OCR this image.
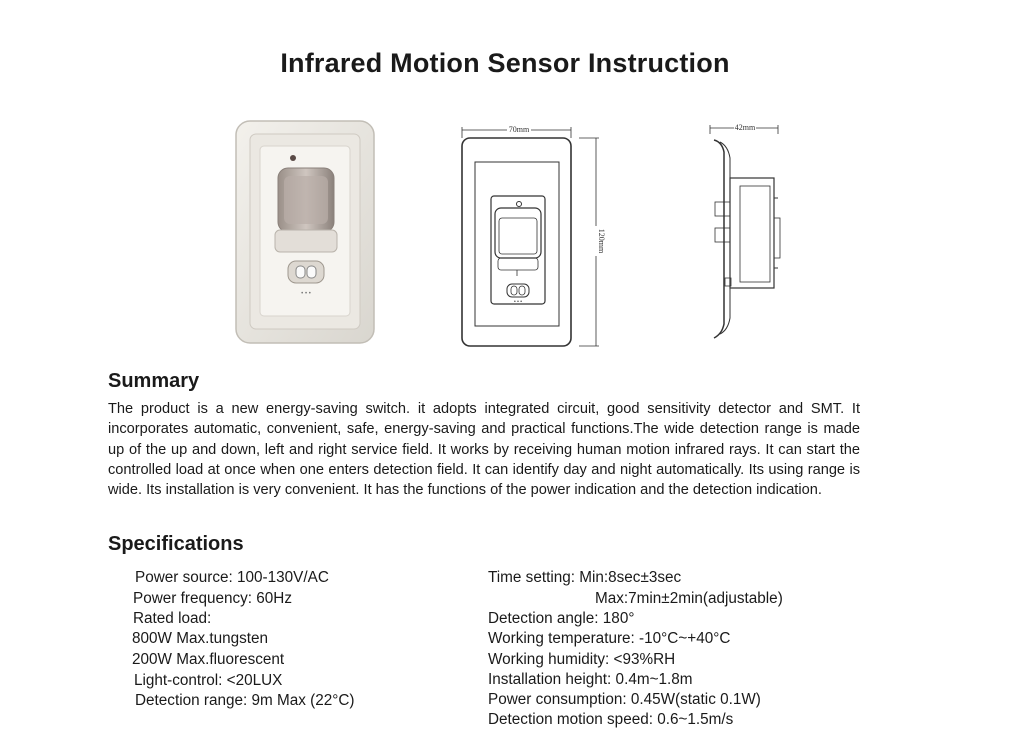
Infrared Motion Sensor Instruction
• • •
70mm
• • •
120mm
42mm
Summary

The product is a new energy-saving switch. it adopts integrated circuit, good sensitivity detector and SMT. It incorporates automatic, convenient, safe, energy-saving and practical functions.The wide detection range is made up of the up and down, left and right service field. It works by receiving human motion infrared rays. It can start the controlled load at once when one enters detection field. It can identify day and night automatically. Its using range is wide. Its installation is very convenient. It has the functions of the power indication and the detection indication.

Specifications
Power source: 100-130V/AC
Power frequency: 60Hz
Rated load:
800W Max.tungsten
200W Max.fluorescent
Light-control: <20LUX
Detection range: 9m Max (22°C)
Time setting: Min:8sec±3sec
Max:7min±2min(adjustable)
Detection angle: 180°
Working temperature: -10°C~+40°C
Working humidity: <93%RH
Installation height: 0.4m~1.8m
Power consumption: 0.45W(static 0.1W)
Detection motion speed: 0.6~1.5m/s
